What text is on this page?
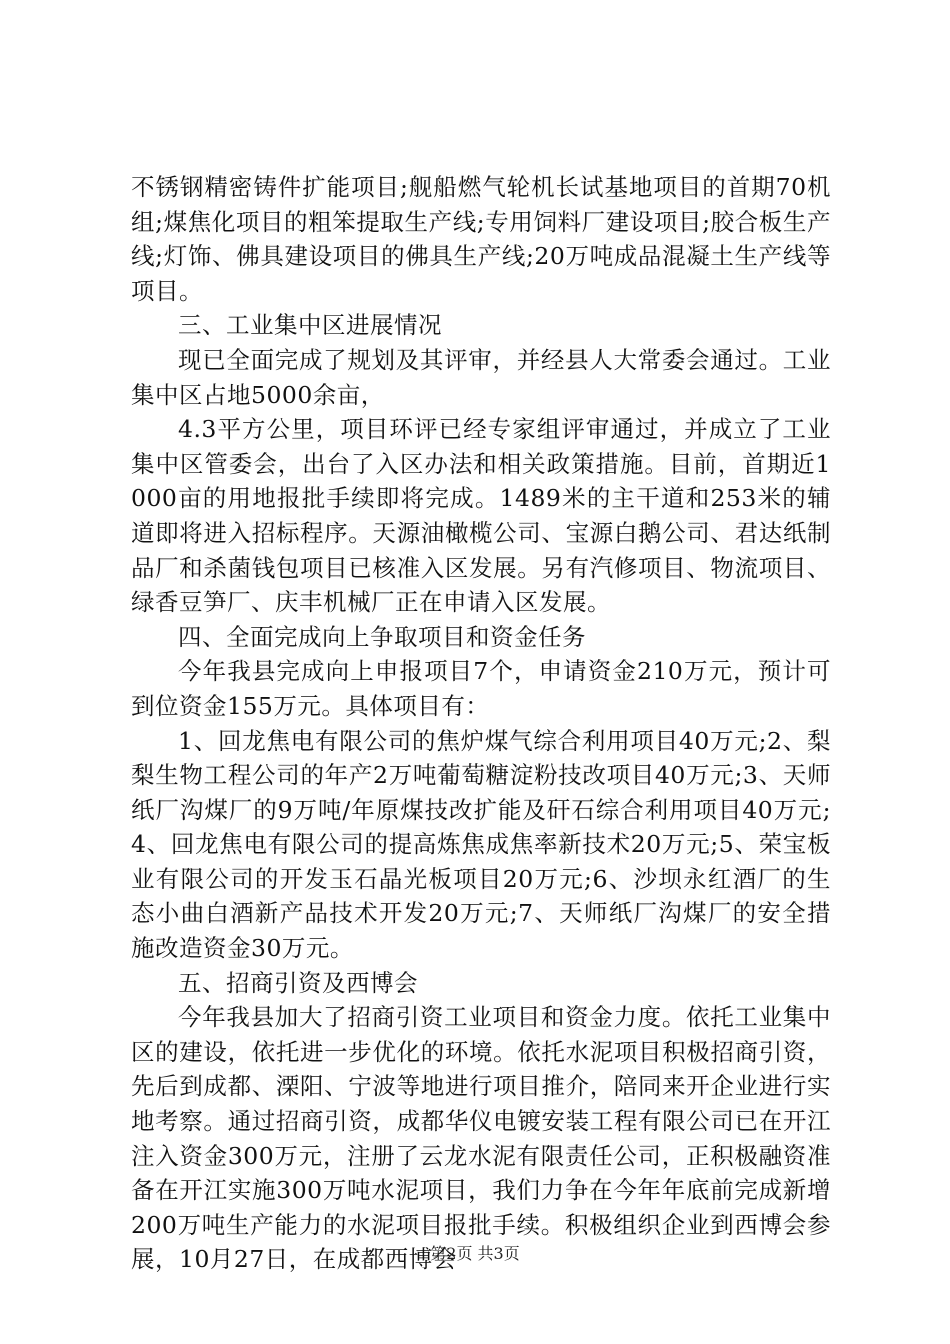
不锈钢精密铸件扩能项目;舰船燃气轮机长试基地项目的首期70机组;煤焦化项目的粗笨提取生产线;专用饲料厂建设项目;胶合板生产线;灯饰、佛具建设项目的佛具生产线;20万吨成品混凝土生产线等项目。

三、工业集中区进展情况

现已全面完成了规划及其评审，并经县人大常委会通过。工业集中区占地5000余亩，

4.3平方公里，项目环评已经专家组评审通过，并成立了工业集中区管委会，出台了入区办法和相关政策措施。目前，首期近1000亩的用地报批手续即将完成。1489米的主干道和253米的辅道即将进入招标程序。天源油橄榄公司、宝源白鹅公司、君达纸制品厂和杀菌钱包项目已核准入区发展。另有汽修项目、物流项目、绿香豆笋厂、庆丰机械厂正在申请入区发展。

四、全面完成向上争取项目和资金任务

今年我县完成向上申报项目7个，申请资金210万元，预计可到位资金155万元。具体项目有：

1、回龙焦电有限公司的焦炉煤气综合利用项目40万元;2、梨梨生物工程公司的年产2万吨葡萄糖淀粉技改项目40万元;3、天师纸厂沟煤厂的9万吨/年原煤技改扩能及矸石综合利用项目40万元;4、回龙焦电有限公司的提高炼焦成焦率新技术20万元;5、荣宝板业有限公司的开发玉石晶光板项目20万元;6、沙坝永红酒厂的生态小曲白酒新产品技术开发20万元;7、天师纸厂沟煤厂的安全措施改造资金30万元。

五、招商引资及西博会

今年我县加大了招商引资工业项目和资金力度。依托工业集中区的建设，依托进一步优化的环境。依托水泥项目积极招商引资，先后到成都、溧阳、宁波等地进行项目推介，陪同来开企业进行实地考察。通过招商引资，成都华仪电镀安装工程有限公司已在开江注入资金300万元，注册了云龙水泥有限责任公司，正积极融资准备在开江实施300万吨水泥项目，我们力争在今年年底前完成新增200万吨生产能力的水泥项目报批手续。积极组织企业到西博会参展，10月27日，在成都西博会

第2页 共3页
